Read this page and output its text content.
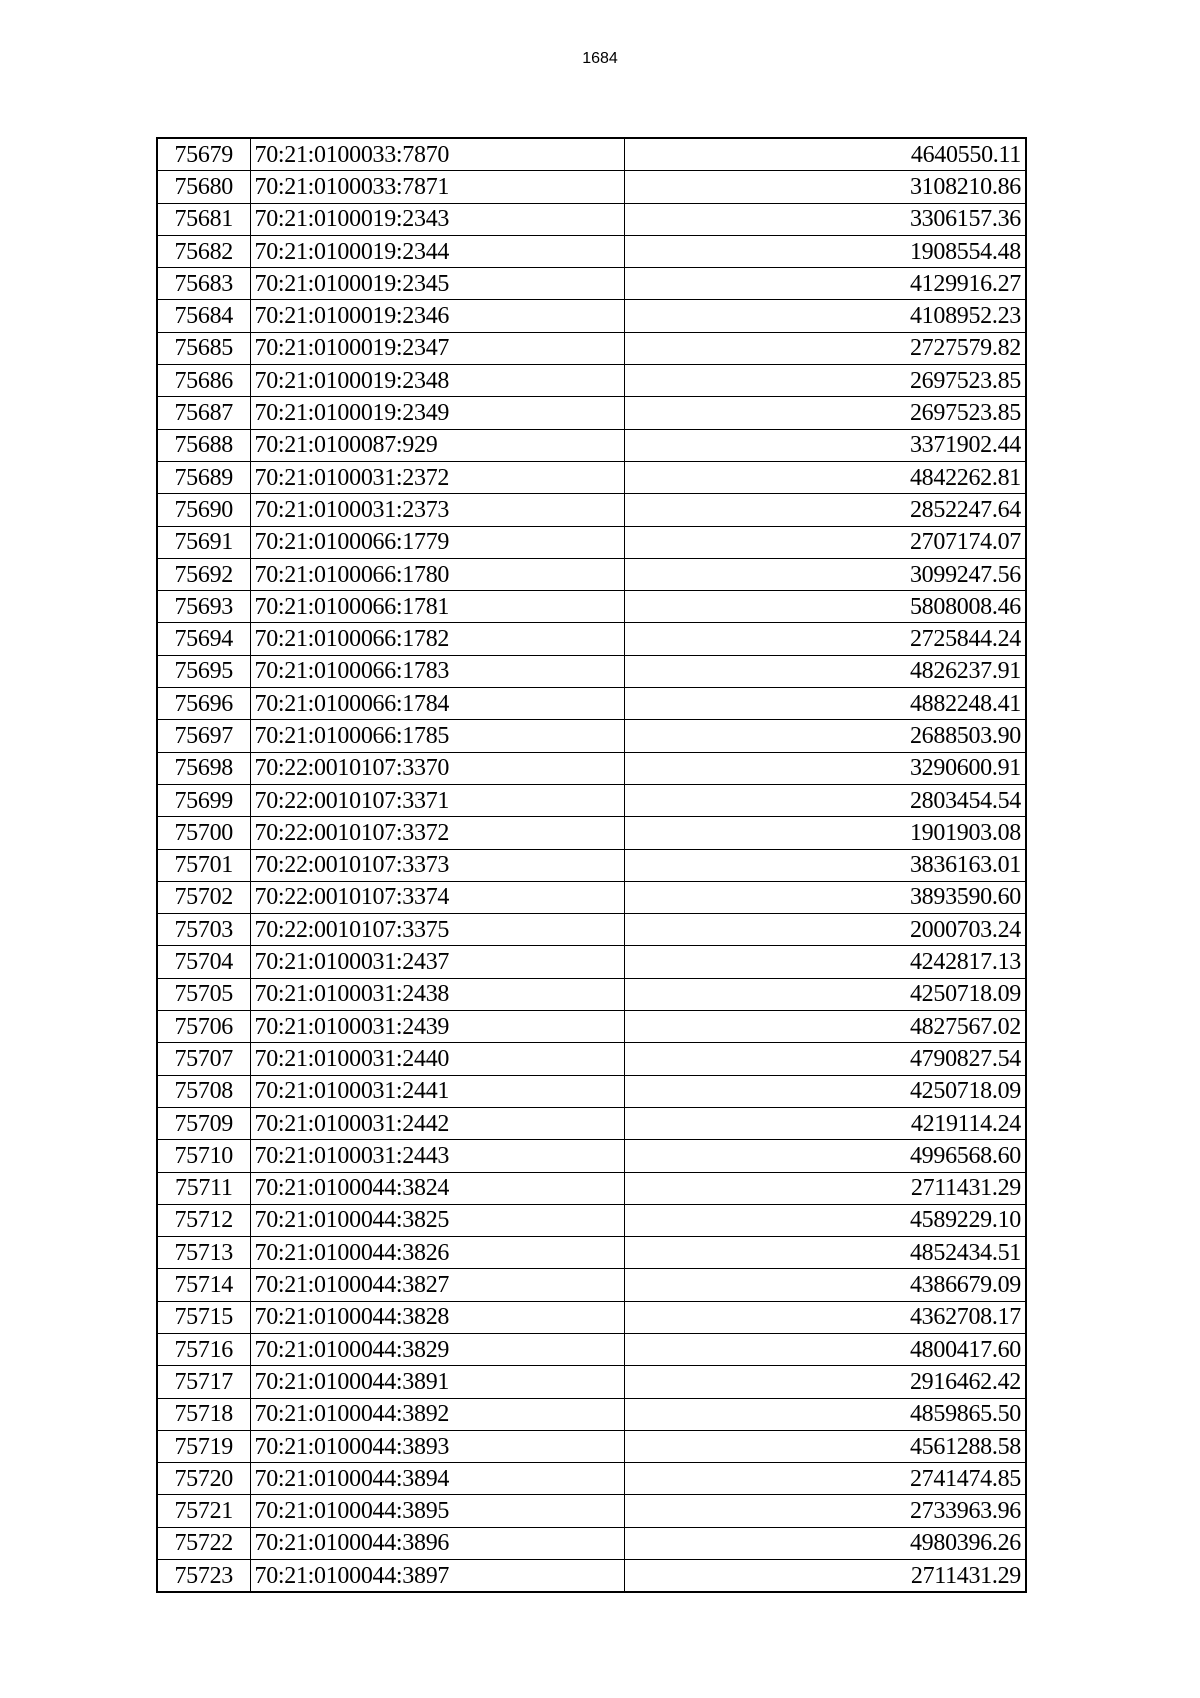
1684
75679	70:21:0100033:7870	4640550.11
75680	70:21:0100033:7871	3108210.86
75681	70:21:0100019:2343	3306157.36
75682	70:21:0100019:2344	1908554.48
75683	70:21:0100019:2345	4129916.27
75684	70:21:0100019:2346	4108952.23
75685	70:21:0100019:2347	2727579.82
75686	70:21:0100019:2348	2697523.85
75687	70:21:0100019:2349	2697523.85
75688	70:21:0100087:929	3371902.44
75689	70:21:0100031:2372	4842262.81
75690	70:21:0100031:2373	2852247.64
75691	70:21:0100066:1779	2707174.07
75692	70:21:0100066:1780	3099247.56
75693	70:21:0100066:1781	5808008.46
75694	70:21:0100066:1782	2725844.24
75695	70:21:0100066:1783	4826237.91
75696	70:21:0100066:1784	4882248.41
75697	70:21:0100066:1785	2688503.90
75698	70:22:0010107:3370	3290600.91
75699	70:22:0010107:3371	2803454.54
75700	70:22:0010107:3372	1901903.08
75701	70:22:0010107:3373	3836163.01
75702	70:22:0010107:3374	3893590.60
75703	70:22:0010107:3375	2000703.24
75704	70:21:0100031:2437	4242817.13
75705	70:21:0100031:2438	4250718.09
75706	70:21:0100031:2439	4827567.02
75707	70:21:0100031:2440	4790827.54
75708	70:21:0100031:2441	4250718.09
75709	70:21:0100031:2442	4219114.24
75710	70:21:0100031:2443	4996568.60
75711	70:21:0100044:3824	2711431.29
75712	70:21:0100044:3825	4589229.10
75713	70:21:0100044:3826	4852434.51
75714	70:21:0100044:3827	4386679.09
75715	70:21:0100044:3828	4362708.17
75716	70:21:0100044:3829	4800417.60
75717	70:21:0100044:3891	2916462.42
75718	70:21:0100044:3892	4859865.50
75719	70:21:0100044:3893	4561288.58
75720	70:21:0100044:3894	2741474.85
75721	70:21:0100044:3895	2733963.96
75722	70:21:0100044:3896	4980396.26
75723	70:21:0100044:3897	2711431.29
